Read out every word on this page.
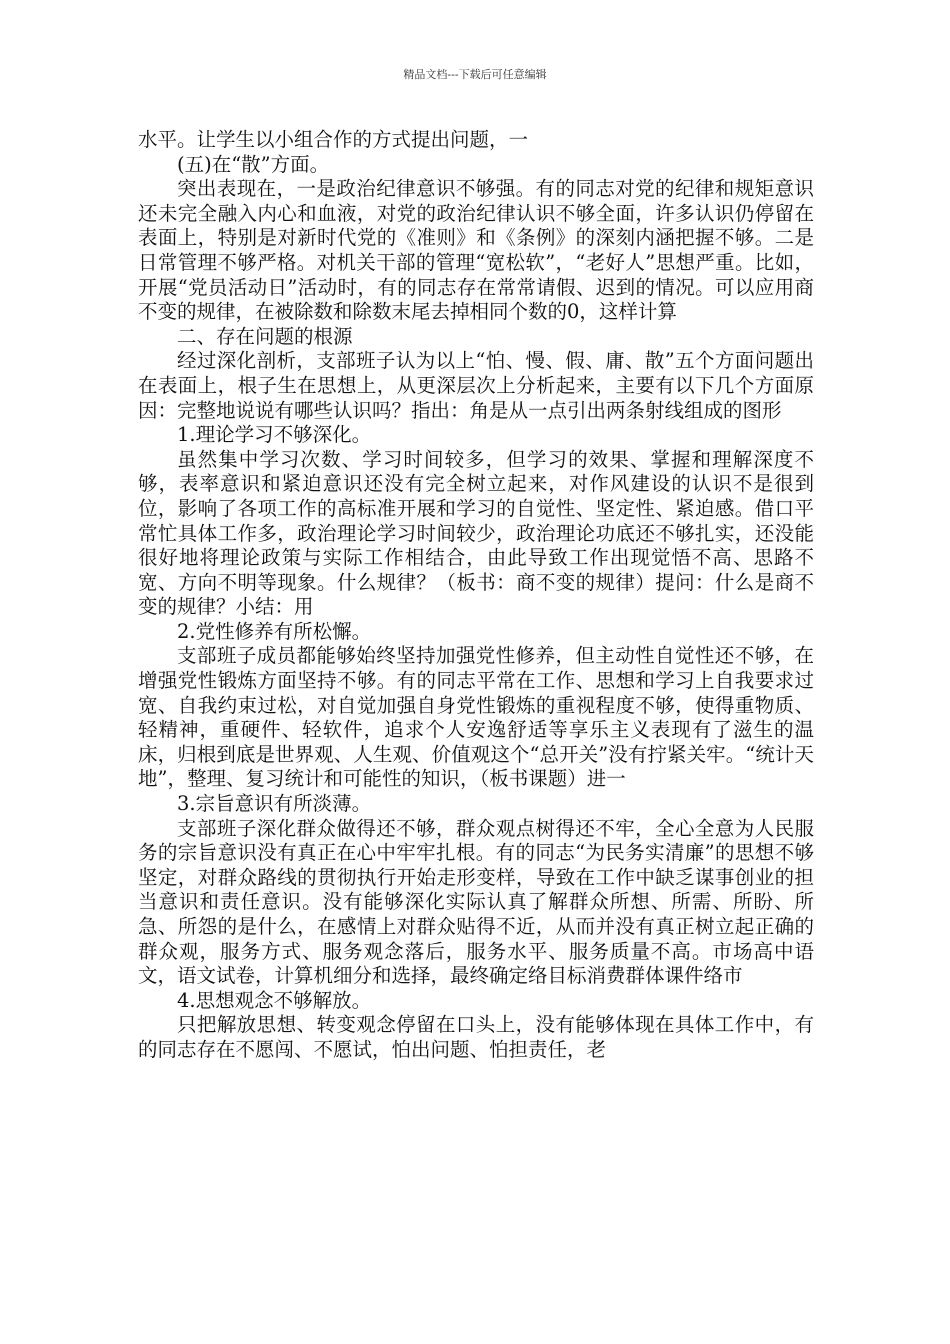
精品文档---下载后可任意编辑

水平。让学生以小组合作的方式提出问题，一

(五)在“散”方面。

突出表现在，一是政治纪律意识不够强。有的同志对党的纪律和规矩意识还未完全融入内心和血液，对党的政治纪律认识不够全面，许多认识仍停留在表面上，特别是对新时代党的《准则》和《条例》的深刻内涵把握不够。二是日常管理不够严格。对机关干部的管理“宽松软”，“老好人”思想严重。比如，开展“党员活动日”活动时，有的同志存在常常请假、迟到的情况。可以应用商不变的规律，在被除数和除数末尾去掉相同个数的0，这样计算

二、存在问题的根源

经过深化剖析，支部班子认为以上“怕、慢、假、庸、散”五个方面问题出在表面上，根子生在思想上，从更深层次上分析起来，主要有以下几个方面原因：完整地说说有哪些认识吗？指出：角是从一点引出两条射线组成的图形

1.理论学习不够深化。

虽然集中学习次数、学习时间较多，但学习的效果、掌握和理解深度不够，表率意识和紧迫意识还没有完全树立起来，对作风建设的认识不是很到位，影响了各项工作的高标准开展和学习的自觉性、坚定性、紧迫感。借口平常忙具体工作多，政治理论学习时间较少，政治理论功底还不够扎实，还没能很好地将理论政策与实际工作相结合，由此导致工作出现觉悟不高、思路不宽、方向不明等现象。什么规律？（板书：商不变的规律）提问：什么是商不变的规律？小结：用

2.党性修养有所松懈。

支部班子成员都能够始终坚持加强党性修养，但主动性自觉性还不够，在增强党性锻炼方面坚持不够。有的同志平常在工作、思想和学习上自我要求过宽、自我约束过松，对自觉加强自身党性锻炼的重视程度不够，使得重物质、轻精神，重硬件、轻软件，追求个人安逸舒适等享乐主义表现有了滋生的温床，归根到底是世界观、人生观、价值观这个“总开关”没有拧紧关牢。“统计天地”，整理、复习统计和可能性的知识，（板书课题）进一

3.宗旨意识有所淡薄。

支部班子深化群众做得还不够，群众观点树得还不牢，全心全意为人民服务的宗旨意识没有真正在心中牢牢扎根。有的同志“为民务实清廉”的思想不够坚定，对群众路线的贯彻执行开始走形变样，导致在工作中缺乏谋事创业的担当意识和责任意识。没有能够深化实际认真了解群众所想、所需、所盼、所急、所怨的是什么，在感情上对群众贴得不近，从而并没有真正树立起正确的群众观，服务方式、服务观念落后，服务水平、服务质量不高。市场高中语文，语文试卷，计算机细分和选择，最终确定络目标消费群体课件络市

4.思想观念不够解放。

只把解放思想、转变观念停留在口头上，没有能够体现在具体工作中，有的同志存在不愿闯、不愿试，怕出问题、怕担责任，老
